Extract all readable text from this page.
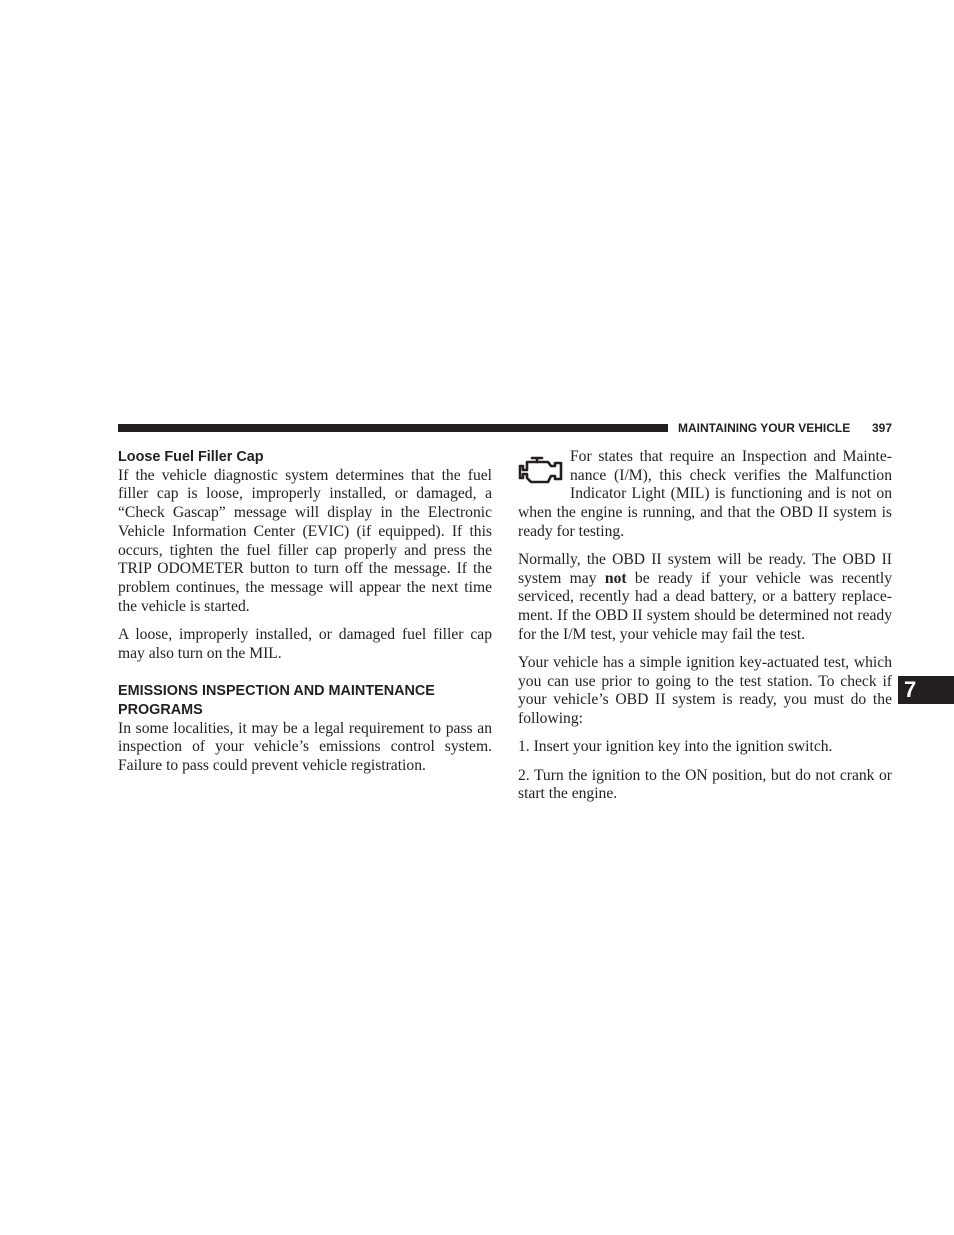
MAINTAINING YOUR VEHICLE 397
Loose Fuel Filler Cap

If the vehicle diagnostic system determines that the fuel filler cap is loose, improperly installed, or damaged, a “Check Gascap” message will display in the Electronic Vehicle Information Center (EVIC) (if equipped). If this occurs, tighten the fuel filler cap properly and press the TRIP ODOMETER button to turn off the message. If the problem continues, the message will appear the next time the vehicle is started.

A loose, improperly installed, or damaged fuel filler cap may also turn on the MIL.

EMISSIONS INSPECTION AND MAINTENANCE PROGRAMS

In some localities, it may be a legal requirement to pass an inspection of your vehicle’s emissions control system. Failure to pass could prevent vehicle registration.

For states that require an Inspection and Maintenance (I/M), this check verifies the Malfunction Indicator Light (MIL) is functioning and is not on when the engine is running, and that the OBD II system is ready for testing.

Normally, the OBD II system will be ready. The OBD II system may not be ready if your vehicle was recently serviced, recently had a dead battery, or a battery replacement. If the OBD II system should be determined not ready for the I/M test, your vehicle may fail the test.

Your vehicle has a simple ignition key-actuated test, which you can use prior to going to the test station. To check if your vehicle’s OBD II system is ready, you must do the following:

1. Insert your ignition key into the ignition switch.

2. Turn the ignition to the ON position, but do not crank or start the engine.

7
